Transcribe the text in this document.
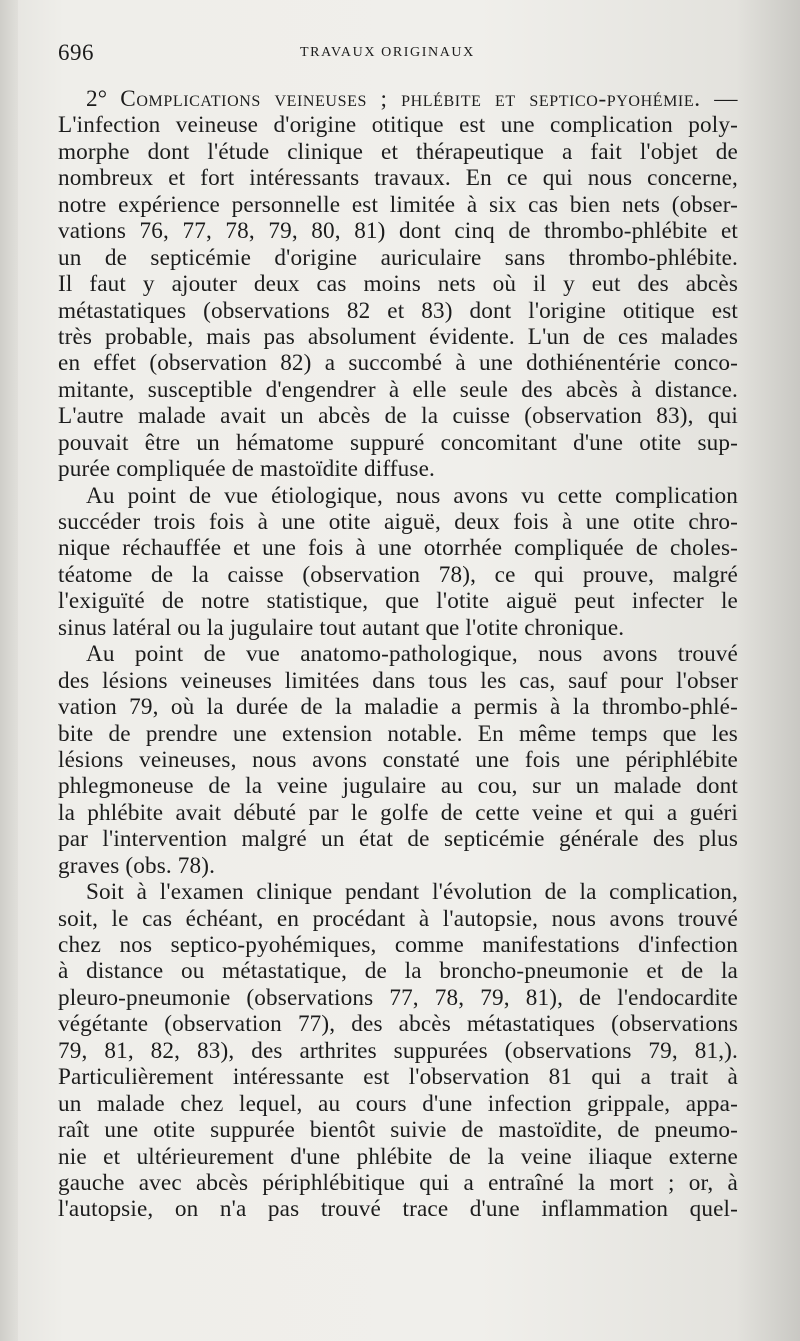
696	TRAVAUX ORIGINAUX
2° Complications veineuses ; phlébite et septico-pyohémie. —
L'infection veineuse d'origine otitique est une complication poly-
morphe dont l'étude clinique et thérapeutique a fait l'objet de
nombreux et fort intéressants travaux. En ce qui nous concerne,
notre expérience personnelle est limitée à six cas bien nets (obser-
vations 76, 77, 78, 79, 80, 81) dont cinq de thrombo-phlébite et
un de septicémie d'origine auriculaire sans thrombo-phlébite.
Il faut y ajouter deux cas moins nets où il y eut des abcès
métastatiques (observations 82 et 83) dont l'origine otitique est
très probable, mais pas absolument évidente. L'un de ces malades
en effet (observation 82) a succombé à une dothiénentérie conco-
mitante, susceptible d'engendrer à elle seule des abcès à distance.
L'autre malade avait un abcès de la cuisse (observation 83), qui
pouvait être un hématome suppuré concomitant d'une otite sup-
purée compliquée de mastoïdite diffuse.
Au point de vue étiologique, nous avons vu cette complication
succéder trois fois à une otite aiguë, deux fois à une otite chro-
nique réchauffée et une fois à une otorrhée compliquée de choles-
téatome de la caisse (observation 78), ce qui prouve, malgré
l'exiguïté de notre statistique, que l'otite aiguë peut infecter le
sinus latéral ou la jugulaire tout autant que l'otite chronique.
Au point de vue anatomo-pathologique, nous avons trouvé
des lésions veineuses limitées dans tous les cas, sauf pour l'obser
vation 79, où la durée de la maladie a permis à la thrombo-phlé-
bite de prendre une extension notable. En même temps que les
lésions veineuses, nous avons constaté une fois une périphlébite
phlegmoneuse de la veine jugulaire au cou, sur un malade dont
la phlébite avait débuté par le golfe de cette veine et qui a guéri
par l'intervention malgré un état de septicémie générale des plus
graves (obs. 78).
Soit à l'examen clinique pendant l'évolution de la complication,
soit, le cas échéant, en procédant à l'autopsie, nous avons trouvé
chez nos septico-pyohémiques, comme manifestations d'infection
à distance ou métastatique, de la broncho-pneumonie et de la
pleuro-pneumonie (observations 77, 78, 79, 81), de l'endocardite
végétante (observation 77), des abcès métastatiques (observations
79, 81, 82, 83), des arthrites suppurées (observations 79, 81,).
Particulièrement intéressante est l'observation 81 qui a trait à
un malade chez lequel, au cours d'une infection grippale, appa-
raît une otite suppurée bientôt suivie de mastoïdite, de pneumo-
nie et ultérieurement d'une phlébite de la veine iliaque externe
gauche avec abcès périphlébitique qui a entraîné la mort ; or, à
l'autopsie, on n'a pas trouvé trace d'une inflammation quel-
